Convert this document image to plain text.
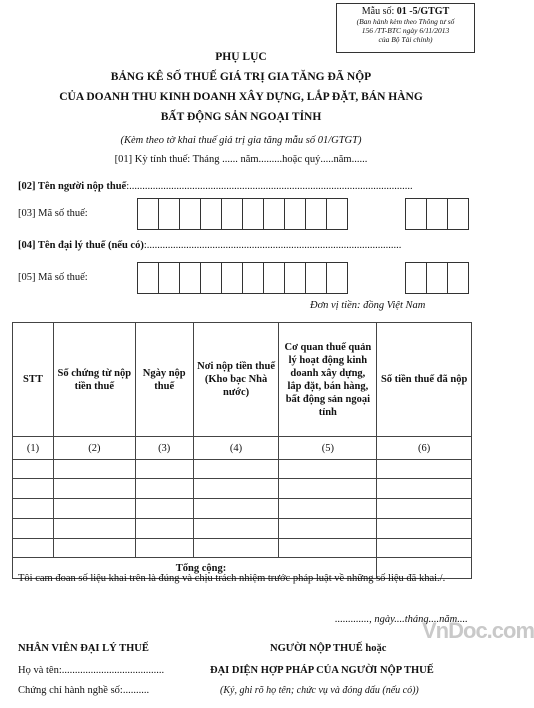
Mẫu số: 01 -5/GTGT
(Ban hành kèm theo Thông tư số
156 /TT-BTC ngày 6/11/2013
của Bộ Tài chính)
PHỤ LỤC
BẢNG KÊ SỐ THUẾ GIÁ TRỊ GIA TĂNG ĐÃ NỘP
CỦA DOANH THU KINH DOANH XÂY DỰNG, LẮP ĐẶT, BÁN HÀNG
BẤT ĐỘNG SẢN NGOẠI TỈNH
(Kèm theo tờ khai thuế giá trị gia tăng mẫu số 01/GTGT)
[01] Kỳ tính thuế: Tháng ...... năm.........hoặc quý.....năm......
[02] Tên người nộp thuế:............................................................................................................
[03] Mã số thuế:
[04] Tên đại lý thuế (nếu có):.................................................................................................
[05] Mã số thuế:
Đơn vị tiền: đồng Việt Nam
STT	Số chứng từ nộp tiền thuế	Ngày nộp thuế	Nơi nộp tiền thuế (Kho bạc Nhà nước)	Cơ quan thuế quản lý hoạt động kinh doanh xây dựng, lắp đặt, bán hàng, bất động sản ngoại tỉnh	Số tiền thuế đã nộp
(1)	(2)	(3)	(4)	(5)	(6)

Tổng cộng:					
Tôi cam đoan số liệu khai trên là đúng và chịu trách nhiệm trước pháp luật về những số liệu đã khai./.
............., ngày....tháng....năm....
NHÂN VIÊN ĐẠI LÝ THUẾ
Họ và tên:.......................................
Chứng chỉ hành nghề số:..........
NGƯỜI NỘP THUẾ hoặc
ĐẠI DIỆN HỢP PHÁP CỦA NGƯỜI NỘP THUẾ
(Ký, ghi rõ họ tên; chức vụ và đóng dấu (nếu có))
VnDoc.com
